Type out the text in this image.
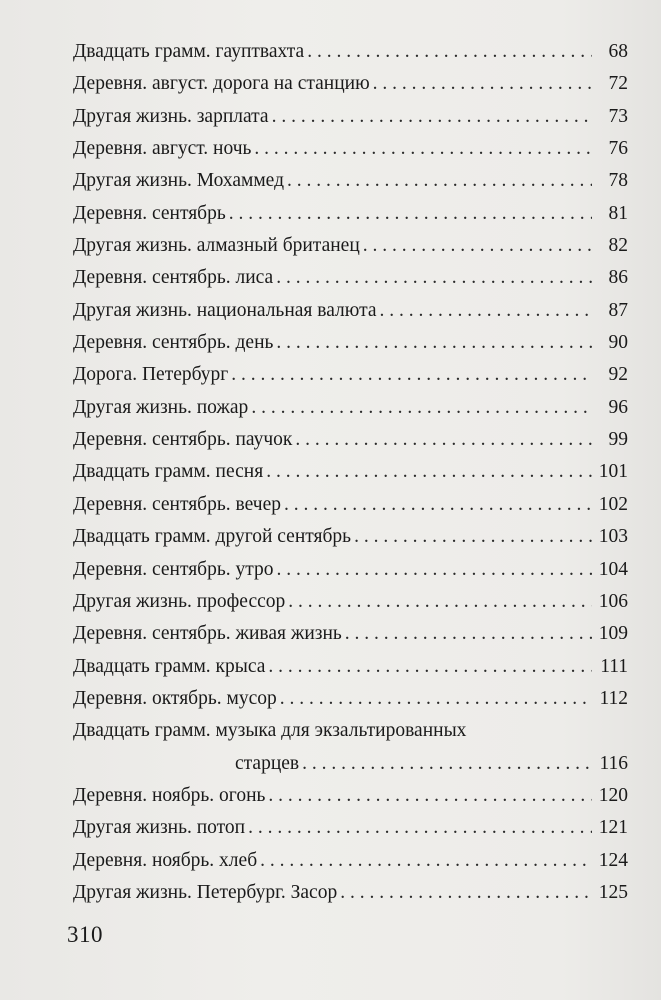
Двадцать грамм. гауптвахта . . .	68
Деревня. август. дорога на станцию . . .	72
Другая жизнь. зарплата . . .	73
Деревня. август. ночь . . .	76
Другая жизнь. Мохаммед . . .	78
Деревня. сентябрь . . .	81
Другая жизнь. алмазный британец . . .	82
Деревня. сентябрь. лиса . . .	86
Другая жизнь. национальная валюта . . .	87
Деревня. сентябрь. день . . .	90
Дорога. Петербург . . .	92
Другая жизнь. пожар . . .	96
Деревня. сентябрь. паучок . . .	99
Двадцать грамм. песня . . .	101
Деревня. сентябрь. вечер . . .	102
Двадцать грамм. другой сентябрь . . .	103
Деревня. сентябрь. утро . . .	104
Другая жизнь. профессор . . .	106
Деревня. сентябрь. живая жизнь . . .	109
Двадцать грамм. крыса . . .	111
Деревня. октябрь. мусор . . .	112
Двадцать грамм. музыка для экзальтированных
старцев . . .	116
Деревня. ноябрь. огонь . . .	120
Другая жизнь. потоп . . .	121
Деревня. ноябрь. хлеб . . .	124
Другая жизнь. Петербург. Засор . . .	125
310
